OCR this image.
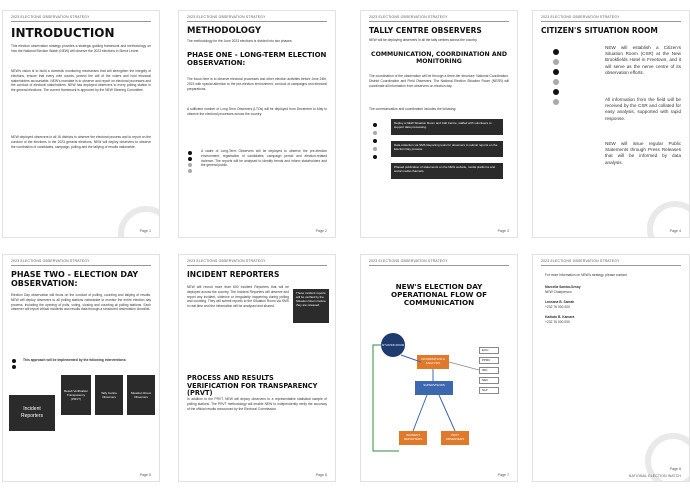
2023 ELECTIONS OBSERVATION STRATEGY
INTRODUCTION
This election observation strategy provides a strategic guiding framework and methodology on how the National Election Watch (NEW) will observe the 2023 elections in Sierra Leone.
NEW's vision is to build a domestic monitoring mechanism that will strengthen the integrity of elections, ensure that every vote counts, protect the will of the voters and hold electoral stakeholders accountable. NEW's mandate is to observe and report on electoral processes and the conduct of electoral stakeholders. NEW has deployed observers to every polling station in the general elections. The current framework is approved by the NEW Steering Committee.
NEW deployed observers in all 16 districts to observe the electoral process and to report on the conduct of the elections in the 2023 general elections, NEW will deploy observers to observe the nomination of candidates, campaign, polling and the tallying of results nationwide.
Page 1
2023 ELECTIONS OBSERVATION STRATEGY
METHODOLOGY
The methodology for the June 2023 elections is divided into two phases:
PHASE ONE - LONG-TERM ELECTION OBSERVATION:
The focus here is to observe electoral processes and other election activities before June 24th, 2023 with special attention to the pre-election environment, conduct of campaigns and electoral preparations.
A sufficient number of Long-Term Observers (LTOs) will be deployed from December to May to observe the electoral processes across the country.
A cadre of Long-Term Observers will be deployed to observe the pre-election environment, registration of candidates, campaign period and election-related violence. The reports will be analysed to identify trends and inform stakeholders and the general public.
Page 2
2023 ELECTIONS OBSERVATION STRATEGY
TALLY CENTRE OBSERVERS
NEW will be deploying observers in all the tally centres across the country.
COMMUNICATION, COORDINATION AND MONITORING
The coordination of the observation will be through a three-tier structure: National Coordination, District Coordination and Field Observers. The National Election Situation Room (NESR) will coordinate all information from observers on election day.
The communication and coordination includes the following:
Deploy a NEW Situation Room and Call Centre, staffed with volunteers to support data processing.
Data collection via SMS Reporting tools for observers to submit reports on the Election Day process.
Phased publication of statements on the NEW website, media platforms and social media channels.
Page 3
2023 ELECTIONS OBSERVATION STRATEGY
CITIZEN'S SITUATION ROOM
NEW will establish a Citizen's Situation Room (CSR) at the New Brookfields Hotel in Freetown, and it will serve as the nerve centre of its observation efforts.
All information from the field will be received by the CSR and collated for easy analysis, supported with rapid response.
NEW will issue regular Public Statements through Press Releases that will be informed by data analysis.
Page 4
2023 ELECTIONS OBSERVATION STRATEGY
PHASE TWO - ELECTION DAY OBSERVATION:
Election Day observation will focus on the conduct of polling, counting and tallying of results. NEW will deploy observers to all polling stations nationwide to monitor the entire election day process, including the opening of polls, voting, closing and counting at polling stations. Each observer will report critical incidents and results data through a structured observation checklist.
This approach will be implemented by the following interventions:
Incident Reporters
Result Verification Transparency (PRVT)
Tally Centre Observers
Situation Room Observers
Page 5
2023 ELECTIONS OBSERVATION STRATEGY
INCIDENT REPORTERS
NEW will recruit more than 600 Incident Reporters that will be deployed across the country. The Incident Reporters will observe and report any incident, violence or irregularity happening during polling and counting. They will submit reports to the Situation Room via SMS in real time and the information will be analysed and shared.
These incident reports will be verified by the Situation Room before they are released.
PROCESS AND RESULTS VERIFICATION FOR TRANSPARENCY (PRVT)
In addition to the PRVT, NEW will deploy observers to a representative statistical sample of polling stations. The PRVT methodology will enable NEW to independently verify the accuracy of the official results announced by the Electoral Commission.
Page 6
2023 ELECTIONS OBSERVATION STRATEGY
NEW'S ELECTION DAY OPERATIONAL FLOW OF COMMUNICATION
SITUATION ROOM
INFORMATION & ANALYSIS
SUPERVISORS
INCIDENT REPORTERS
PRVT OBSERVERS
EOC
PPRC
IMC
NEC
SLP
Page 7
2023 ELECTIONS OBSERVATION STRATEGY
For more information on NEW's strategy, please contact:
Marcella Samba-Sesay
NEW Chairperson
Lansana B. Samah
+232 76 000 000
Kadiatu B. Kamara
+232 76 000 000
Page 8
NATIONAL ELECTION WATCH
